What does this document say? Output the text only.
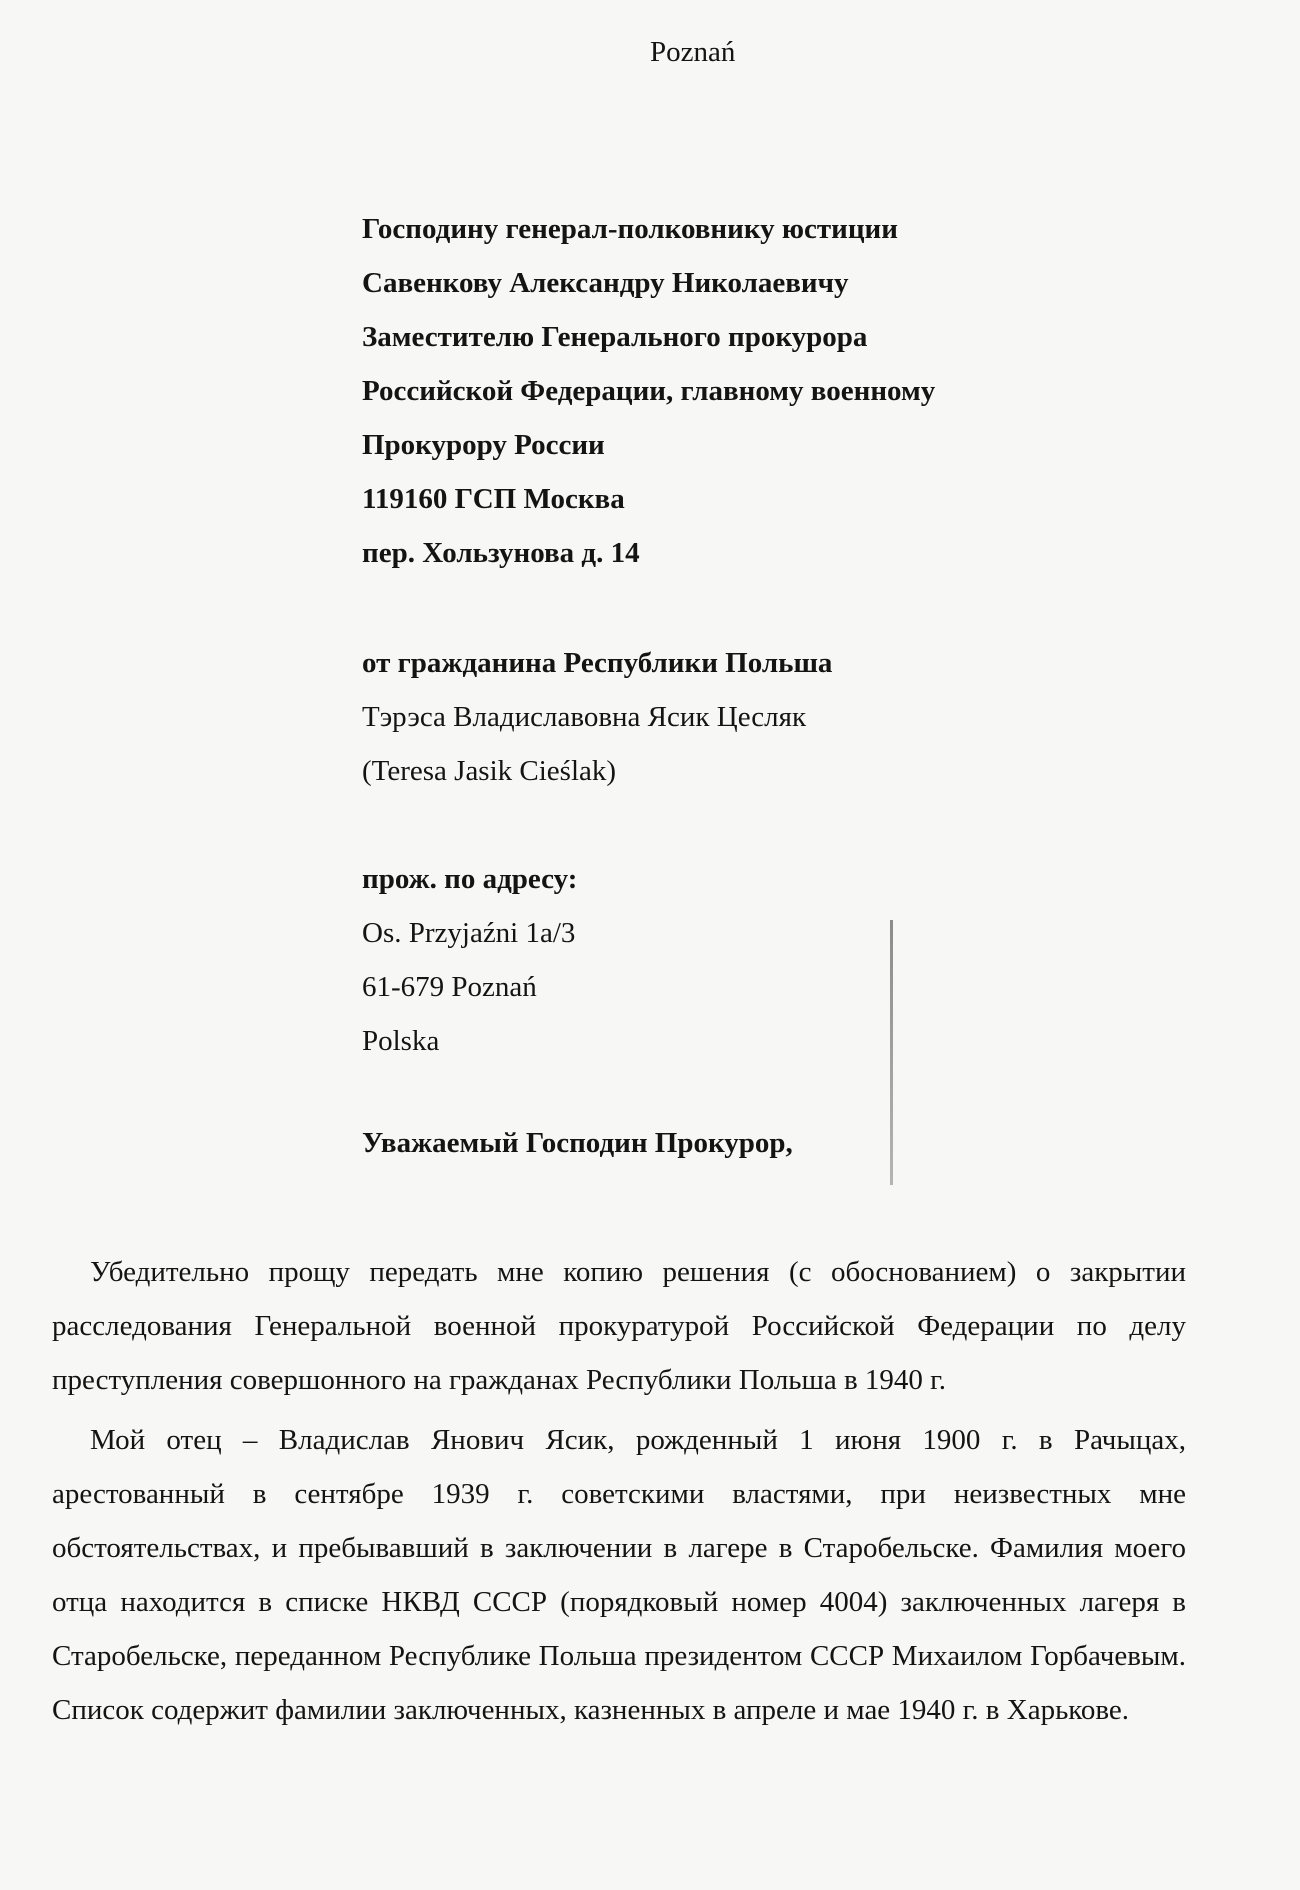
Poznań
Господину генерал-полковнику юстиции
Савенкову Александру Николаевичу
Заместителю Генерального прокурора
Российской Федерации, главному военному
Прокурору России
119160 ГСП Москва
пер. Хользунова д. 14
от гражданина Республики Польша
Тэрэса Владиславовна Ясик Цесляк
(Teresa Jasik Cieślak)
прож. по адресу:
Os. Przyjaźni 1a/3
61-679 Poznań
Polska
Уважаемый Господин Прокурор,

Убедительно прощу передать мне копию решения (с обоснованием) о закрытии расследования Генеральной военной прокуратурой Российской Федерации по делу преступления совершонного на гражданах Республики Польша в 1940 г.

Мой отец – Владислав Янович Ясик, рожденный 1 июня 1900 г. в Рачыцах, арестованный в сентябре 1939 г. советскими властями, при неизвестных мне обстоятельствах, и пребывавший в заключении в лагере в Старобельске. Фамилия моего отца находится в списке НКВД СССР (порядковый номер 4004) заключенных лагеря в Старобельске, переданном Республике Польша президентом СССР Михаилом Горбачевым. Список содержит фамилии заключенных, казненных в апреле и мае 1940 г. в Харькове.
